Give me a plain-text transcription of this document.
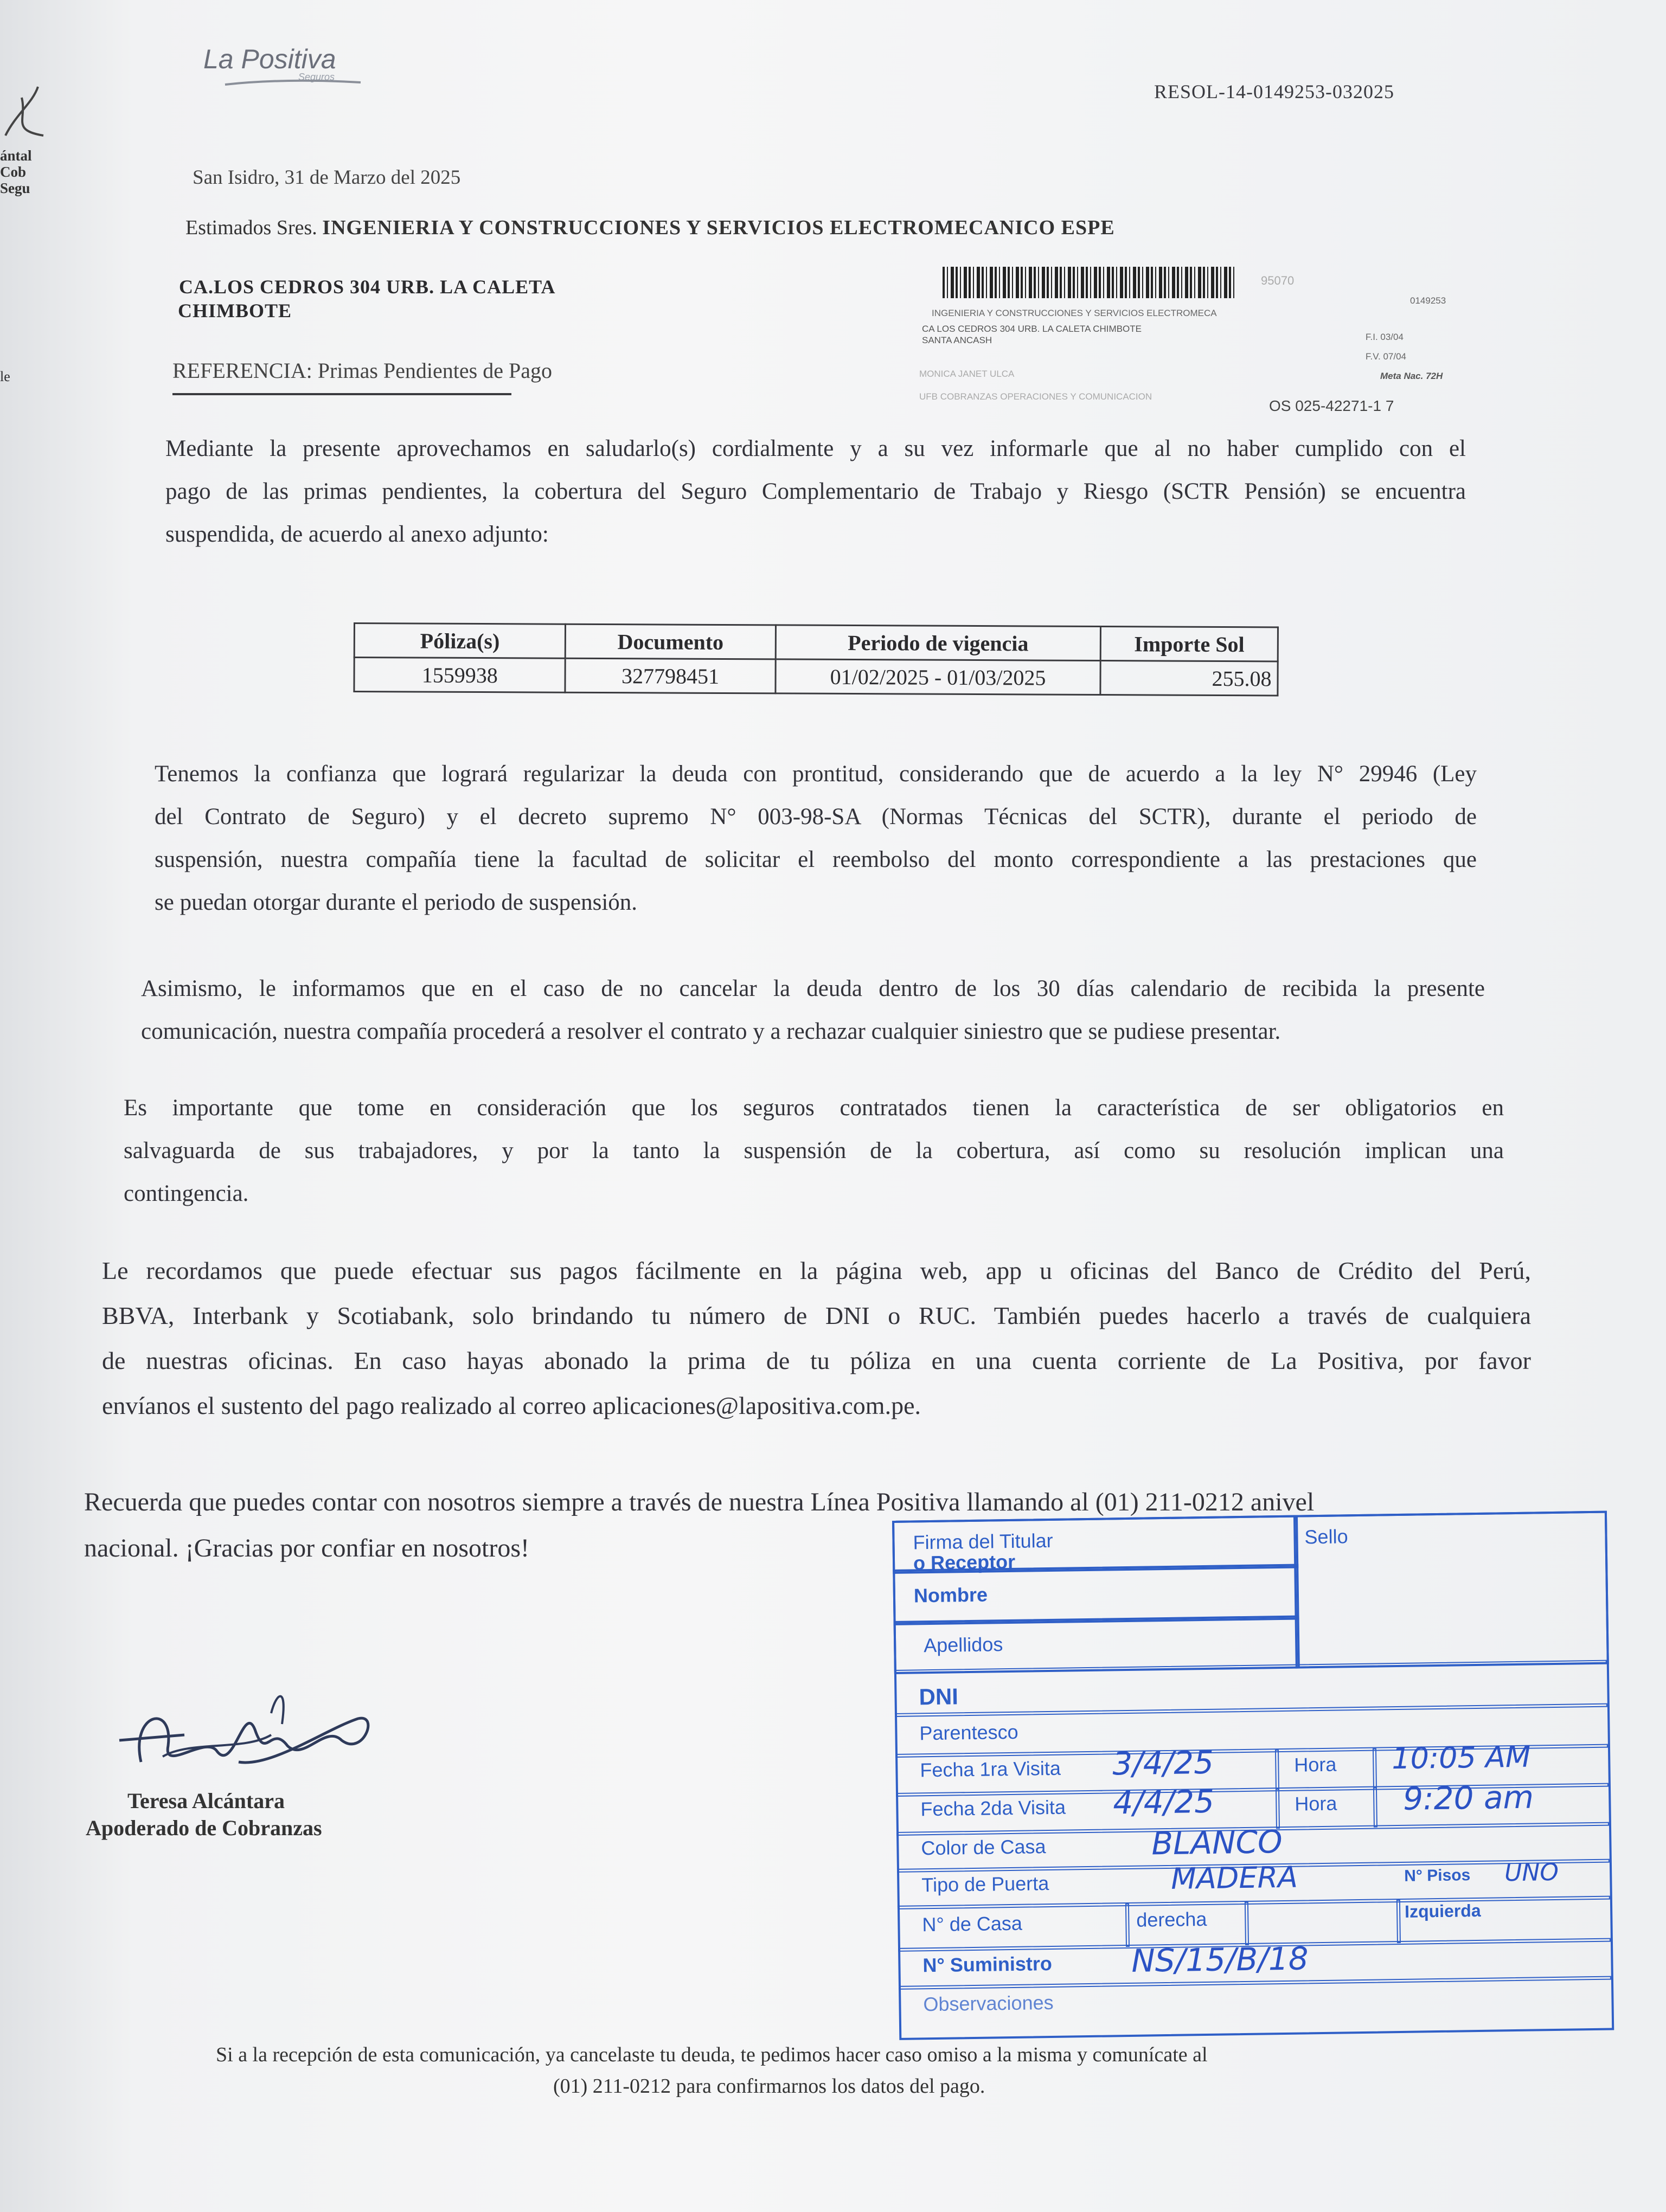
ántal
Cob
Segu
le
La Positiva
Seguros
RESOL-14-0149253-032025
San Isidro, 31 de Marzo del 2025
Estimados Sres. INGENIERIA Y CONSTRUCCIONES Y SERVICIOS ELECTROMECANICO ESPE
CA.LOS CEDROS 304 URB. LA CALETA
CHIMBOTE
REFERENCIA: Primas Pendientes de Pago
95070
0149253
INGENIERIA Y CONSTRUCCIONES Y SERVICIOS ELECTROMECA
CA LOS CEDROS 304 URB. LA CALETA CHIMBOTE
SANTA ANCASH	F.I. 03/04
F.V. 07/04
Meta Nac. 72H
MONICA JANET ULCA
UFB COBRANZAS OPERACIONES Y COMUNICACION
OS 025-42271-1 7
Mediante la presente aprovechamos en saludarlo(s) cordialmente y a su vez informarle que al no haber cumplido con el
pago de las primas pendientes, la cobertura del Seguro Complementario de Trabajo y Riesgo (SCTR Pensión) se encuentra
suspendida, de acuerdo al anexo adjunto:
Póliza(s)	Documento	Periodo de vigencia	Importe Sol
1559938	327798451	01/02/2025 - 01/03/2025	255.08
Tenemos la confianza que logrará regularizar la deuda con prontitud, considerando que de acuerdo a la ley N° 29946 (Ley
del Contrato de Seguro) y el decreto supremo N° 003-98-SA (Normas Técnicas del SCTR), durante el periodo de
suspensión, nuestra compañía tiene la facultad de solicitar el reembolso del monto correspondiente a las prestaciones que
se puedan otorgar durante el periodo de suspensión.
Asimismo, le informamos que en el caso de no cancelar la deuda dentro de los 30 días calendario de recibida la presente
comunicación, nuestra compañía procederá a resolver el contrato y a rechazar cualquier siniestro que se pudiese presentar.
Es importante que tome en consideración que los seguros contratados tienen la característica de ser obligatorios en
salvaguarda de sus trabajadores, y por la tanto la suspensión de la cobertura, así como su resolución implican una
contingencia.
Le recordamos que puede efectuar sus pagos fácilmente en la página web, app u oficinas del Banco de Crédito del Perú,
BBVA, Interbank y Scotiabank, solo brindando tu número de DNI o RUC. También puedes hacerlo a través de cualquiera
de nuestras oficinas. En caso hayas abonado la prima de tu póliza en una cuenta corriente de La Positiva, por favor
envíanos el sustento del pago realizado al correo aplicaciones@lapositiva.com.pe.
Recuerda que puedes contar con nosotros siempre a través de nuestra Línea Positiva llamando al (01) 211-0212 anivel
nacional. ¡Gracias por confiar en nosotros!
Teresa Alcántara
Apoderado de Cobranzas
Firma del Titular
o Receptor
Sello
Nombre
Apellidos
DNI
Parentesco
Fecha 1ra Visita 3/4/25	Hora 10:05 AM
Fecha 2da Visita 4/4/25	Hora 9:20 am
Color de Casa	BLANCO
Tipo de Puerta	MADERA	N° Pisos UNO
N° de Casa	derecha	Izquierda
N° Suministro	NS/15/B/18
Observaciones
Si a la recepción de esta comunicación, ya cancelaste tu deuda, te pedimos hacer caso omiso a la misma y comunícate al
(01) 211-0212 para confirmarnos los datos del pago.
